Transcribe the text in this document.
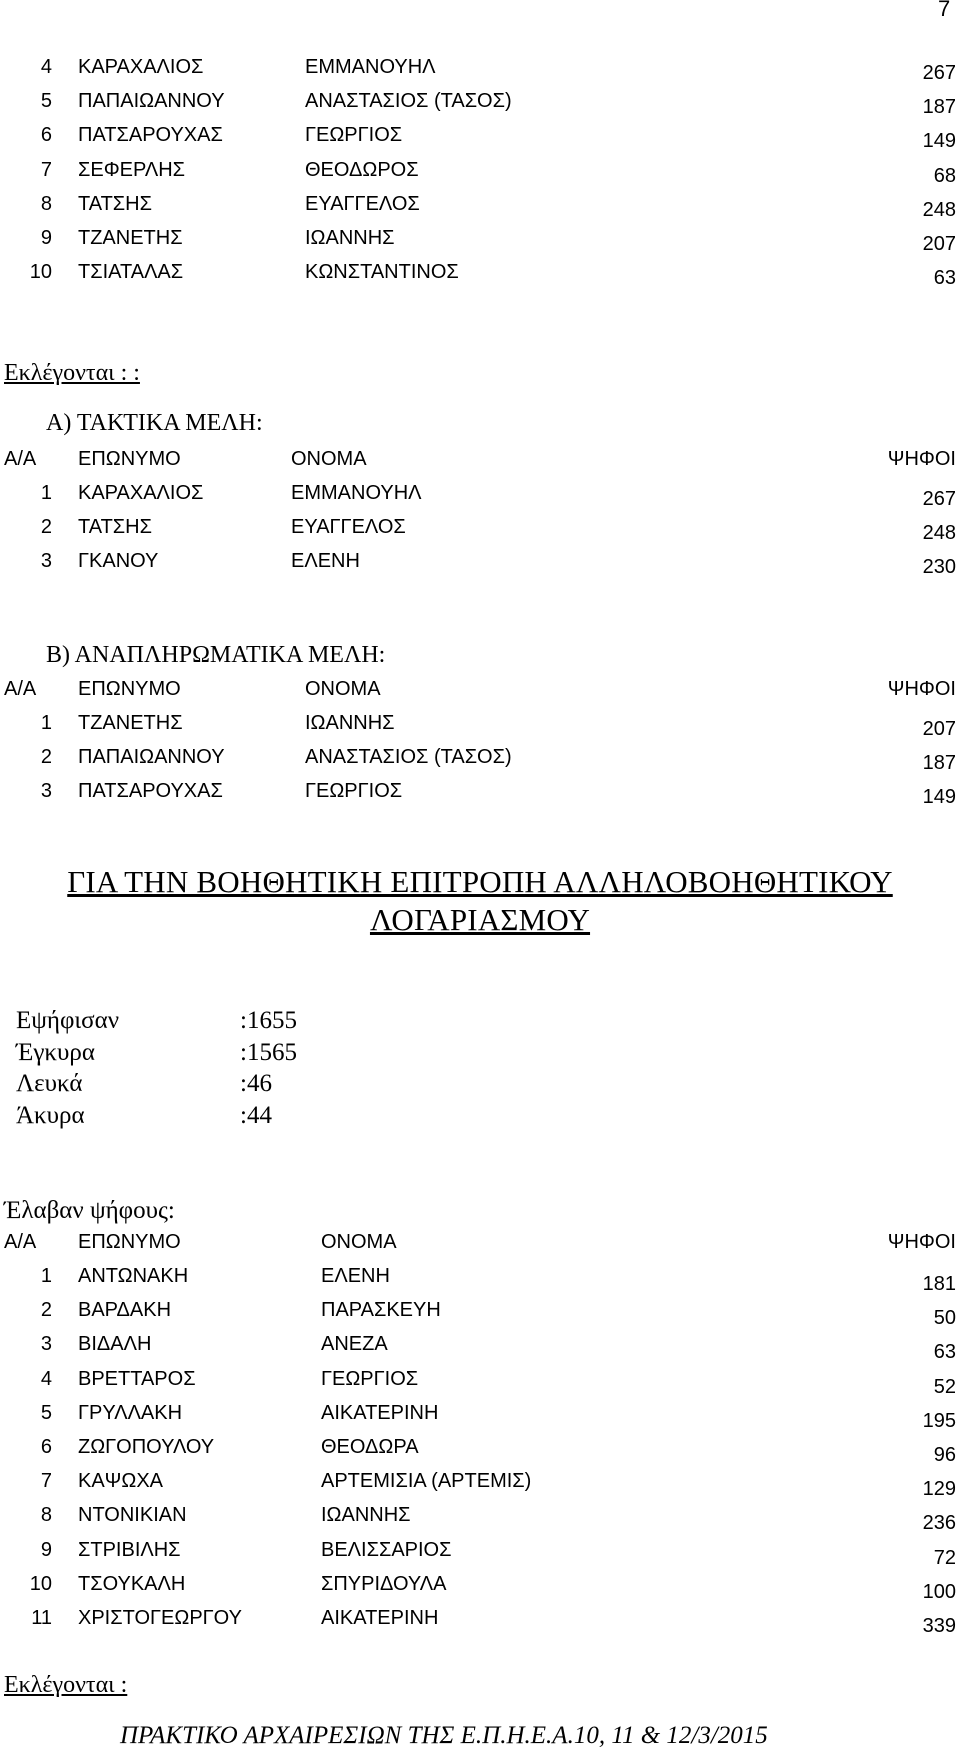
7
4 ΚΑΡΑΧΑΛΙΟΣ	ΕΜΜΑΝΟΥΗΛ	267
5 ΠΑΠΑΙΩΑΝΝΟΥ	ΑΝΑΣΤΑΣΙΟΣ (ΤΑΣΟΣ)	187
6 ΠΑΤΣΑΡΟΥΧΑΣ	ΓΕΩΡΓΙΟΣ	149
7 ΣΕΦΕΡΛΗΣ	ΘΕΟΔΩΡΟΣ	68
8 ΤΑΤΣΗΣ	ΕΥΑΓΓΕΛΟΣ	248
9 ΤΖΑΝΕΤΗΣ	ΙΩΑΝΝΗΣ	207
10 ΤΣΙΑΤΑΛΑΣ	ΚΩΝΣΤΑΝΤΙΝΟΣ	63
Εκλέγονται : :
Α) ΤΑΚΤΙΚΑ ΜΕΛΗ:
Α/Α ΕΠΩΝΥΜΟ	ΟΝΟΜΑ	ΨΗΦΟΙ
1 ΚΑΡΑΧΑΛΙΟΣ	ΕΜΜΑΝΟΥΗΛ	267
2 ΤΑΤΣΗΣ	ΕΥΑΓΓΕΛΟΣ	248
3 ΓΚΑΝΟΥ	ΕΛΕΝΗ	230
Β) ΑΝΑΠΛΗΡΩΜΑΤΙΚΑ ΜΕΛΗ:
Α/Α ΕΠΩΝΥΜΟ	ΟΝΟΜΑ	ΨΗΦΟΙ
1 ΤΖΑΝΕΤΗΣ	ΙΩΑΝΝΗΣ	207
2 ΠΑΠΑΙΩΑΝΝΟΥ	ΑΝΑΣΤΑΣΙΟΣ (ΤΑΣΟΣ)	187
3 ΠΑΤΣΑΡΟΥΧΑΣ	ΓΕΩΡΓΙΟΣ	149
ΓΙΑ ΤΗΝ ΒΟΗΘΗΤΙΚΗ ΕΠΙΤΡΟΠΗ ΑΛΛΗΛΟΒΟΗΘΗΤΙΚΟΥ
ΛΟΓΑΡΙΑΣΜΟΥ
Εψήφισαν	:1655
Έγκυρα	:1565
Λευκά	:46
Άκυρα	:44
Έλαβαν ψήφους:
Α/Α ΕΠΩΝΥΜΟ	ΟΝΟΜΑ	ΨΗΦΟΙ
1 ΑΝΤΩΝΑΚΗ	ΕΛΕΝΗ	181
2 ΒΑΡΔΑΚΗ	ΠΑΡΑΣΚΕΥΗ	50
3 ΒΙΔΑΛΗ	ΑΝΕΖΑ	63
4 ΒΡΕΤΤΑΡΟΣ	ΓΕΩΡΓΙΟΣ	52
5 ΓΡΥΛΛΑΚΗ	ΑΙΚΑΤΕΡΙΝΗ	195
6 ΖΩΓΟΠΟΥΛΟΥ	ΘΕΟΔΩΡΑ	96
7 ΚΑΨΩΧΑ	ΑΡΤΕΜΙΣΙΑ (ΑΡΤΕΜΙΣ)	129
8 ΝΤΟΝΙΚΙΑΝ	ΙΩΑΝΝΗΣ	236
9 ΣΤΡΙΒΙΛΗΣ	ΒΕΛΙΣΣΑΡΙΟΣ	72
10 ΤΣΟΥΚΑΛΗ	ΣΠΥΡΙΔΟΥΛΑ	100
11 ΧΡΙΣΤΟΓΕΩΡΓΟΥ	ΑΙΚΑΤΕΡΙΝΗ	339
Εκλέγονται :
ΠΡΑΚΤΙΚΟ ΑΡΧΑΙΡΕΣΙΩΝ ΤΗΣ Ε.Π.Η.Ε.Α.10, 11 & 12/3/2015
